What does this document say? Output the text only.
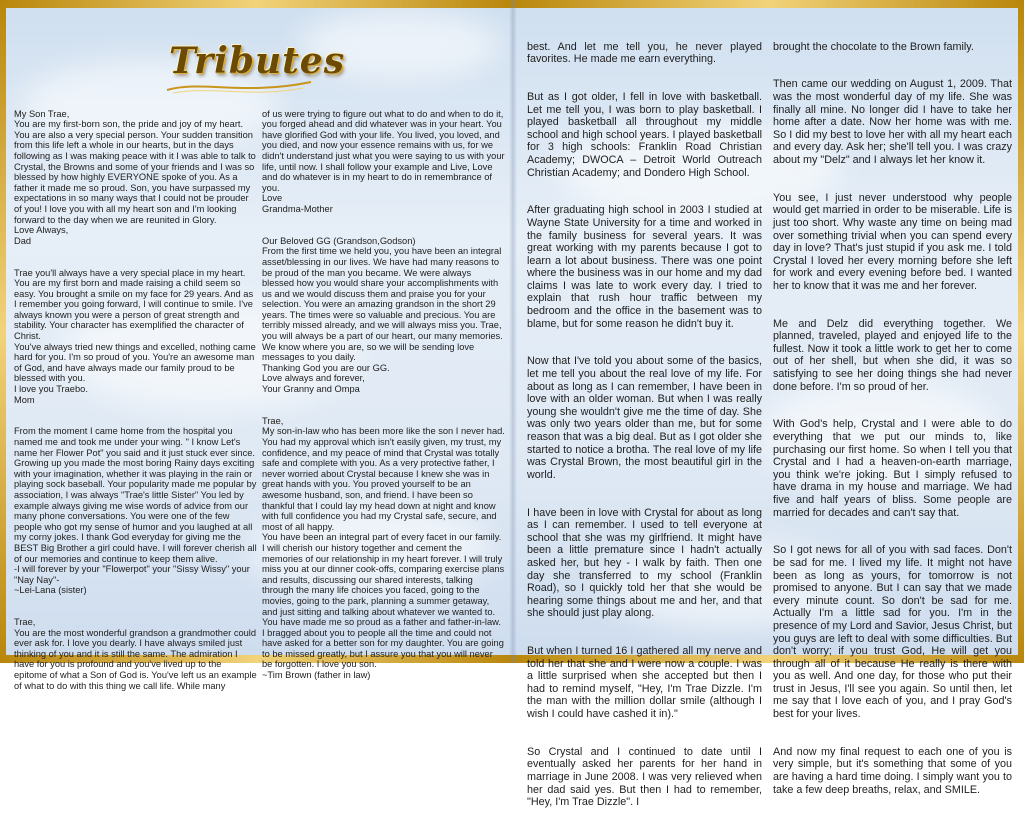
Tributes

My Son Trae,
You are my first-born son, the pride and joy of my heart. You are also a very special person. Your sudden transition from this life left a whole in our hearts, but in the days following as I was making peace with it I was able to talk to Crystal, the Browns and some of your friends and I was so blessed by how highly EVERYONE spoke of you. As a father it made me so proud. Son, you have surpassed my expectations in so many ways that I could not be prouder of you! I love you with all my heart son and I'm looking forward to the day when we are reunited in Glory.
Love Always,
Dad

Trae you'll always have a very special place in my heart. You are my first born and made raising a child seem so easy. You brought a smile on my face for 29 years. And as I remember you going forward, I will continue to smile. I've always known you were a person of great strength and stability. Your character has exemplified the character of Christ.
You've always tried new things and excelled, nothing came hard for you. I'm so proud of you. You're an awesome man of God, and have always made our family proud to be blessed with you.
I love you Traebo.
Mom

From the moment I came home from the hospital you named me and took me under your wing. " I know Let's name her Flower Pot" you said and it just stuck ever since. Growing up you made the most boring Rainy days exciting with your imagination, whether it was playing in the rain or playing sock baseball. Your popularity made me popular by association, I was always "Trae's little Sister" You led by example always giving me wise words of advice from our many phone conversations. You were one of the few people who got my sense of humor and you laughed at all my corny jokes. I thank God everyday for giving me the BEST Big Brother a girl could have. I will forever cherish all of our memories and continue to keep them alive.
-I will forever by your "Flowerpot" your "Sissy Wissy" your "Nay Nay"-
~Lei-Lana (sister)

Trae,
You are the most wonderful grandson a grandmother could ever ask for. I love you dearly. I have always smiled just thinking of you and it is still the same. The admiration I have for you is profound and you've lived up to the epitome of what a Son of God is. You've left us an example of what to do with this thing we call life. While many

of us were trying to figure out what to do and when to do it, you forged ahead and did whatever was in your heart. You have glorified God with your life. You lived, you loved, and you died, and now your essence remains with us, for we didn't understand just what you were saying to us with your life, until now. I shall follow your example and Live, Love and do whatever is in my heart to do in remembrance of you.
Love
Grandma-Mother

Our Beloved GG (Grandson,Godson)
From the first time we held you, you have been an integral asset/blessing in our lives. We have had many reasons to be proud of the man you became. We were always blessed how you would share your accomplishments with us and we would discuss them and praise you for your selection. You were an amazing grandson in the short 29 years. The times were so valuable and precious. You are terribly missed already, and we will always miss you. Trae, you will always be a part of our heart, our many memories. We know where you are, so we will be sending love messages to you daily.
Thanking God you are our GG.
Love always and forever,
Your Granny and Ompa

Trae,
My son-in-law who has been more like the son I never had. You had my approval which isn't easily given, my trust, my confidence, and my peace of mind that Crystal was totally safe and complete with you. As a very protective father, I never worried about Crystal because I knew she was in great hands with you. You proved yourself to be an awesome husband, son, and friend. I have been so thankful that I could lay my head down at night and know with full confidence you had my Crystal safe, secure, and most of all happy.
You have been an integral part of every facet in our family. I will cherish our history together and cement the memories of our relationship in my heart forever. I will truly miss you at our dinner cook-offs, comparing exercise plans and results, discussing our shared interests, talking through the many life choices you faced, going to the movies, going to the park, planning a summer getaway, and just sitting and talking about whatever we wanted to. You have made me so proud as a father and father-in-law. I bragged about you to people all the time and could not have asked for a better son for my daughter. You are going to be missed greatly, but I assure you that you will never be forgotten. I love you son.
~Tim Brown (father in law)

best. And let me tell you, he never played favorites. He made me earn everything.

But as I got older, I fell in love with basketball. Let me tell you, I was born to play basketball. I played basketball all throughout my middle school and high school years. I played basketball for 3 high schools: Franklin Road Christian Academy; DWOCA – Detroit World Outreach Christian Academy; and Dondero High School.

After graduating high school in 2003 I studied at Wayne State University for a time and worked in the family business for several years. It was great working with my parents because I got to learn a lot about business. There was one point where the business was in our home and my dad claims I was late to work every day. I tried to explain that rush hour traffic between my bedroom and the office in the basement was to blame, but for some reason he didn't buy it.

Now that I've told you about some of the basics, let me tell you about the real love of my life. For about as long as I can remember, I have been in love with an older woman. But when I was really young she wouldn't give me the time of day. She was only two years older than me, but for some reason that was a big deal. But as I got older she started to notice a brotha. The real love of my life was Crystal Brown, the most beautiful girl in the world.

I have been in love with Crystal for about as long as I can remember. I used to tell everyone at school that she was my girlfriend. It might have been a little premature since I hadn't actually asked her, but hey - I walk by faith. Then one day she transferred to my school (Franklin Road), so I quickly told her that she would be hearing some things about me and her, and that she should just play along.

But when I turned 16 I gathered all my nerve and told her that she and I were now a couple. I was a little surprised when she accepted but then I had to remind myself, "Hey, I'm Trae Dizzle. I'm the man with the million dollar smile (although I wish I could have cashed it in)."

So Crystal and I continued to date until I eventually asked her parents for her hand in marriage in June 2008. I was very relieved when her dad said yes. But then I had to remember, "Hey, I'm Trae Dizzle". I

brought the chocolate to the Brown family.

Then came our wedding on August 1, 2009. That was the most wonderful day of my life. She was finally all mine. No longer did I have to take her home after a date. Now her home was with me. So I did my best to love her with all my heart each and every day. Ask her; she'll tell you. I was crazy about my "Delz" and I always let her know it.

You see, I just never understood why people would get married in order to be miserable. Life is just too short. Why waste any time on being mad over something trivial when you can spend every day in love? That's just stupid if you ask me. I told Crystal I loved her every morning before she left for work and every evening before bed. I wanted her to know that it was me and her forever.

Me and Delz did everything together. We planned, traveled, played and enjoyed life to the fullest. Now it took a little work to get her to come out of her shell, but when she did, it was so satisfying to see her doing things she had never done before. I'm so proud of her.

With God's help, Crystal and I were able to do everything that we put our minds to, like purchasing our first home. So when I tell you that Crystal and I had a heaven-on-earth marriage, you think we're joking. But I simply refused to have drama in my house and marriage. We had five and half years of bliss. Some people are married for decades and can't say that.

So I got news for all of you with sad faces. Don't be sad for me. I lived my life. It might not have been as long as yours, for tomorrow is not promised to anyone. But I can say that we made every minute count. So don't be sad for me. Actually I'm a little sad for you. I'm in the presence of my Lord and Savior, Jesus Christ, but you guys are left to deal with some difficulties. But don't worry; if you trust God, He will get you through all of it because He really is there with you as well. And one day, for those who put their trust in Jesus, I'll see you again. So until then, let me say that I love each of you, and I pray God's best for your lives.

And now my final request to each one of you is very simple, but it's something that some of you are having a hard time doing. I simply want you to take a few deep breaths, relax, and SMILE.
